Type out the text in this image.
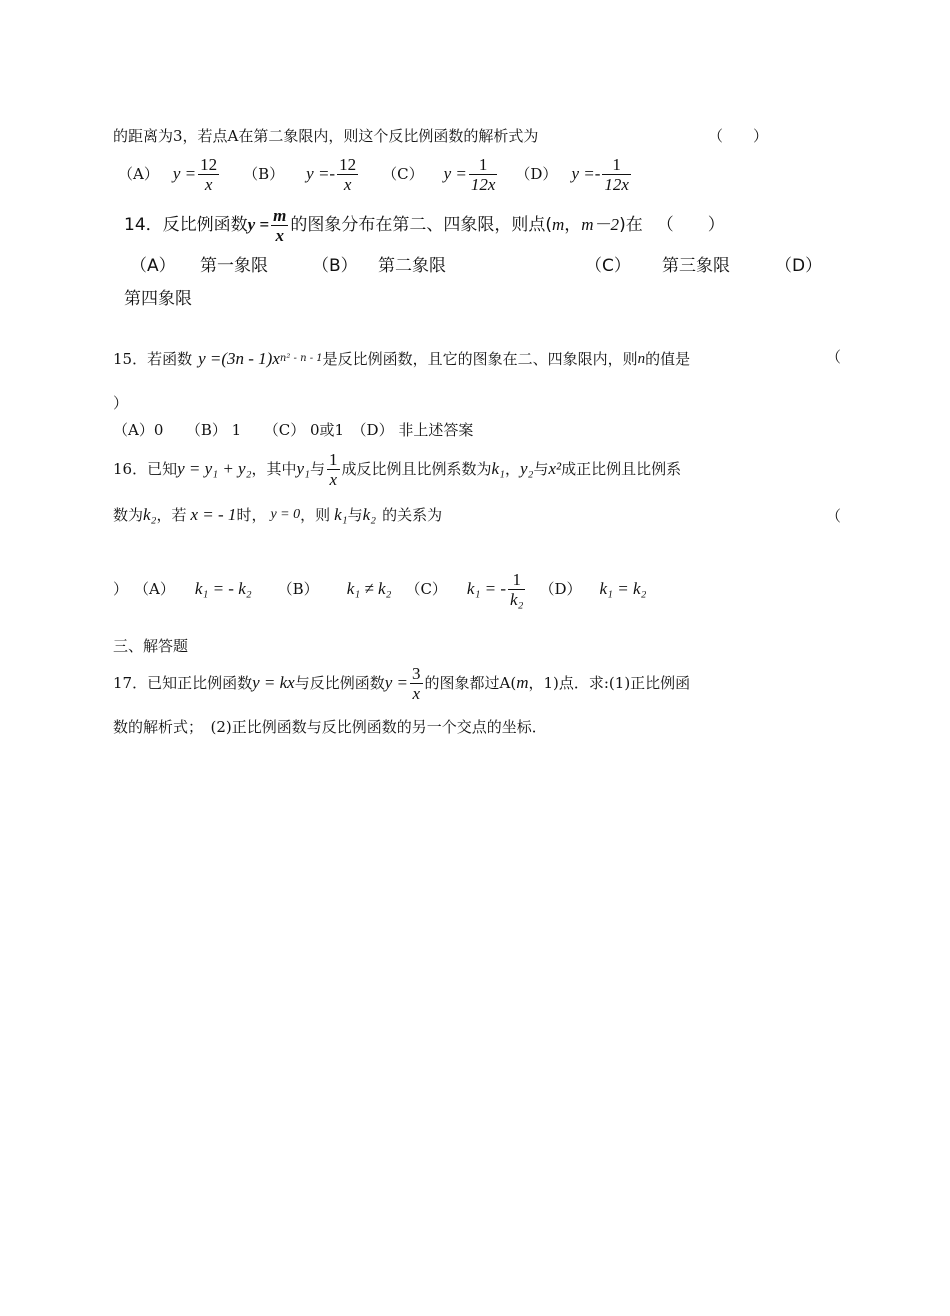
的距离为3，若点A在第二象限内，则这个反比例函数的解析式为	（　　）
（A） $y = \frac{12}{x} (B) y =- \frac{12}{x} (C) y = \frac{1}{12x} (D) y =- \frac{1}{12x}$
14．反比例函数 $y = \frac{m}{x}$ 的图象分布在第二、四象限，则点( m ， m－2 )在 （　　）
（A） 第一象限	（B） 第二象限	（C） 第三象限	（D）
第四象限
15．若函数 y =(3n - 1)x n² - n - 1 是反比例函数，且它的图象在二、四象限内，则 n 的值是	（
）
（A）0　　（B） 1　　（C） 0或1　（D） 非上述答案
16．已知 y = y₁ + y₂ ，其中 y₁ 与 $\frac{1}{x}$ 成反比例且比例系数为 k₁ ， y₂ 与 x² 成正比例且比例系
数为 k₂ ，若 x = - 1 时， y = 0 ，则 k₁ 与 k₂ 的关系为	（
） （A） k₁ = - k₂ （B） k₁ ≠ k₂ （C） k₁ = - $\frac{1}{\text{k₂}} (D) k_1 = k_2$
三、解答题
17．已知正比例函数 y = kx 与反比例函数 $y = \frac{3}{x}$ 的图象都过A( m ，1)点．求:(1)正比例函
数的解析式；　(2)正比例函数与反比例函数的另一个交点的坐标．
